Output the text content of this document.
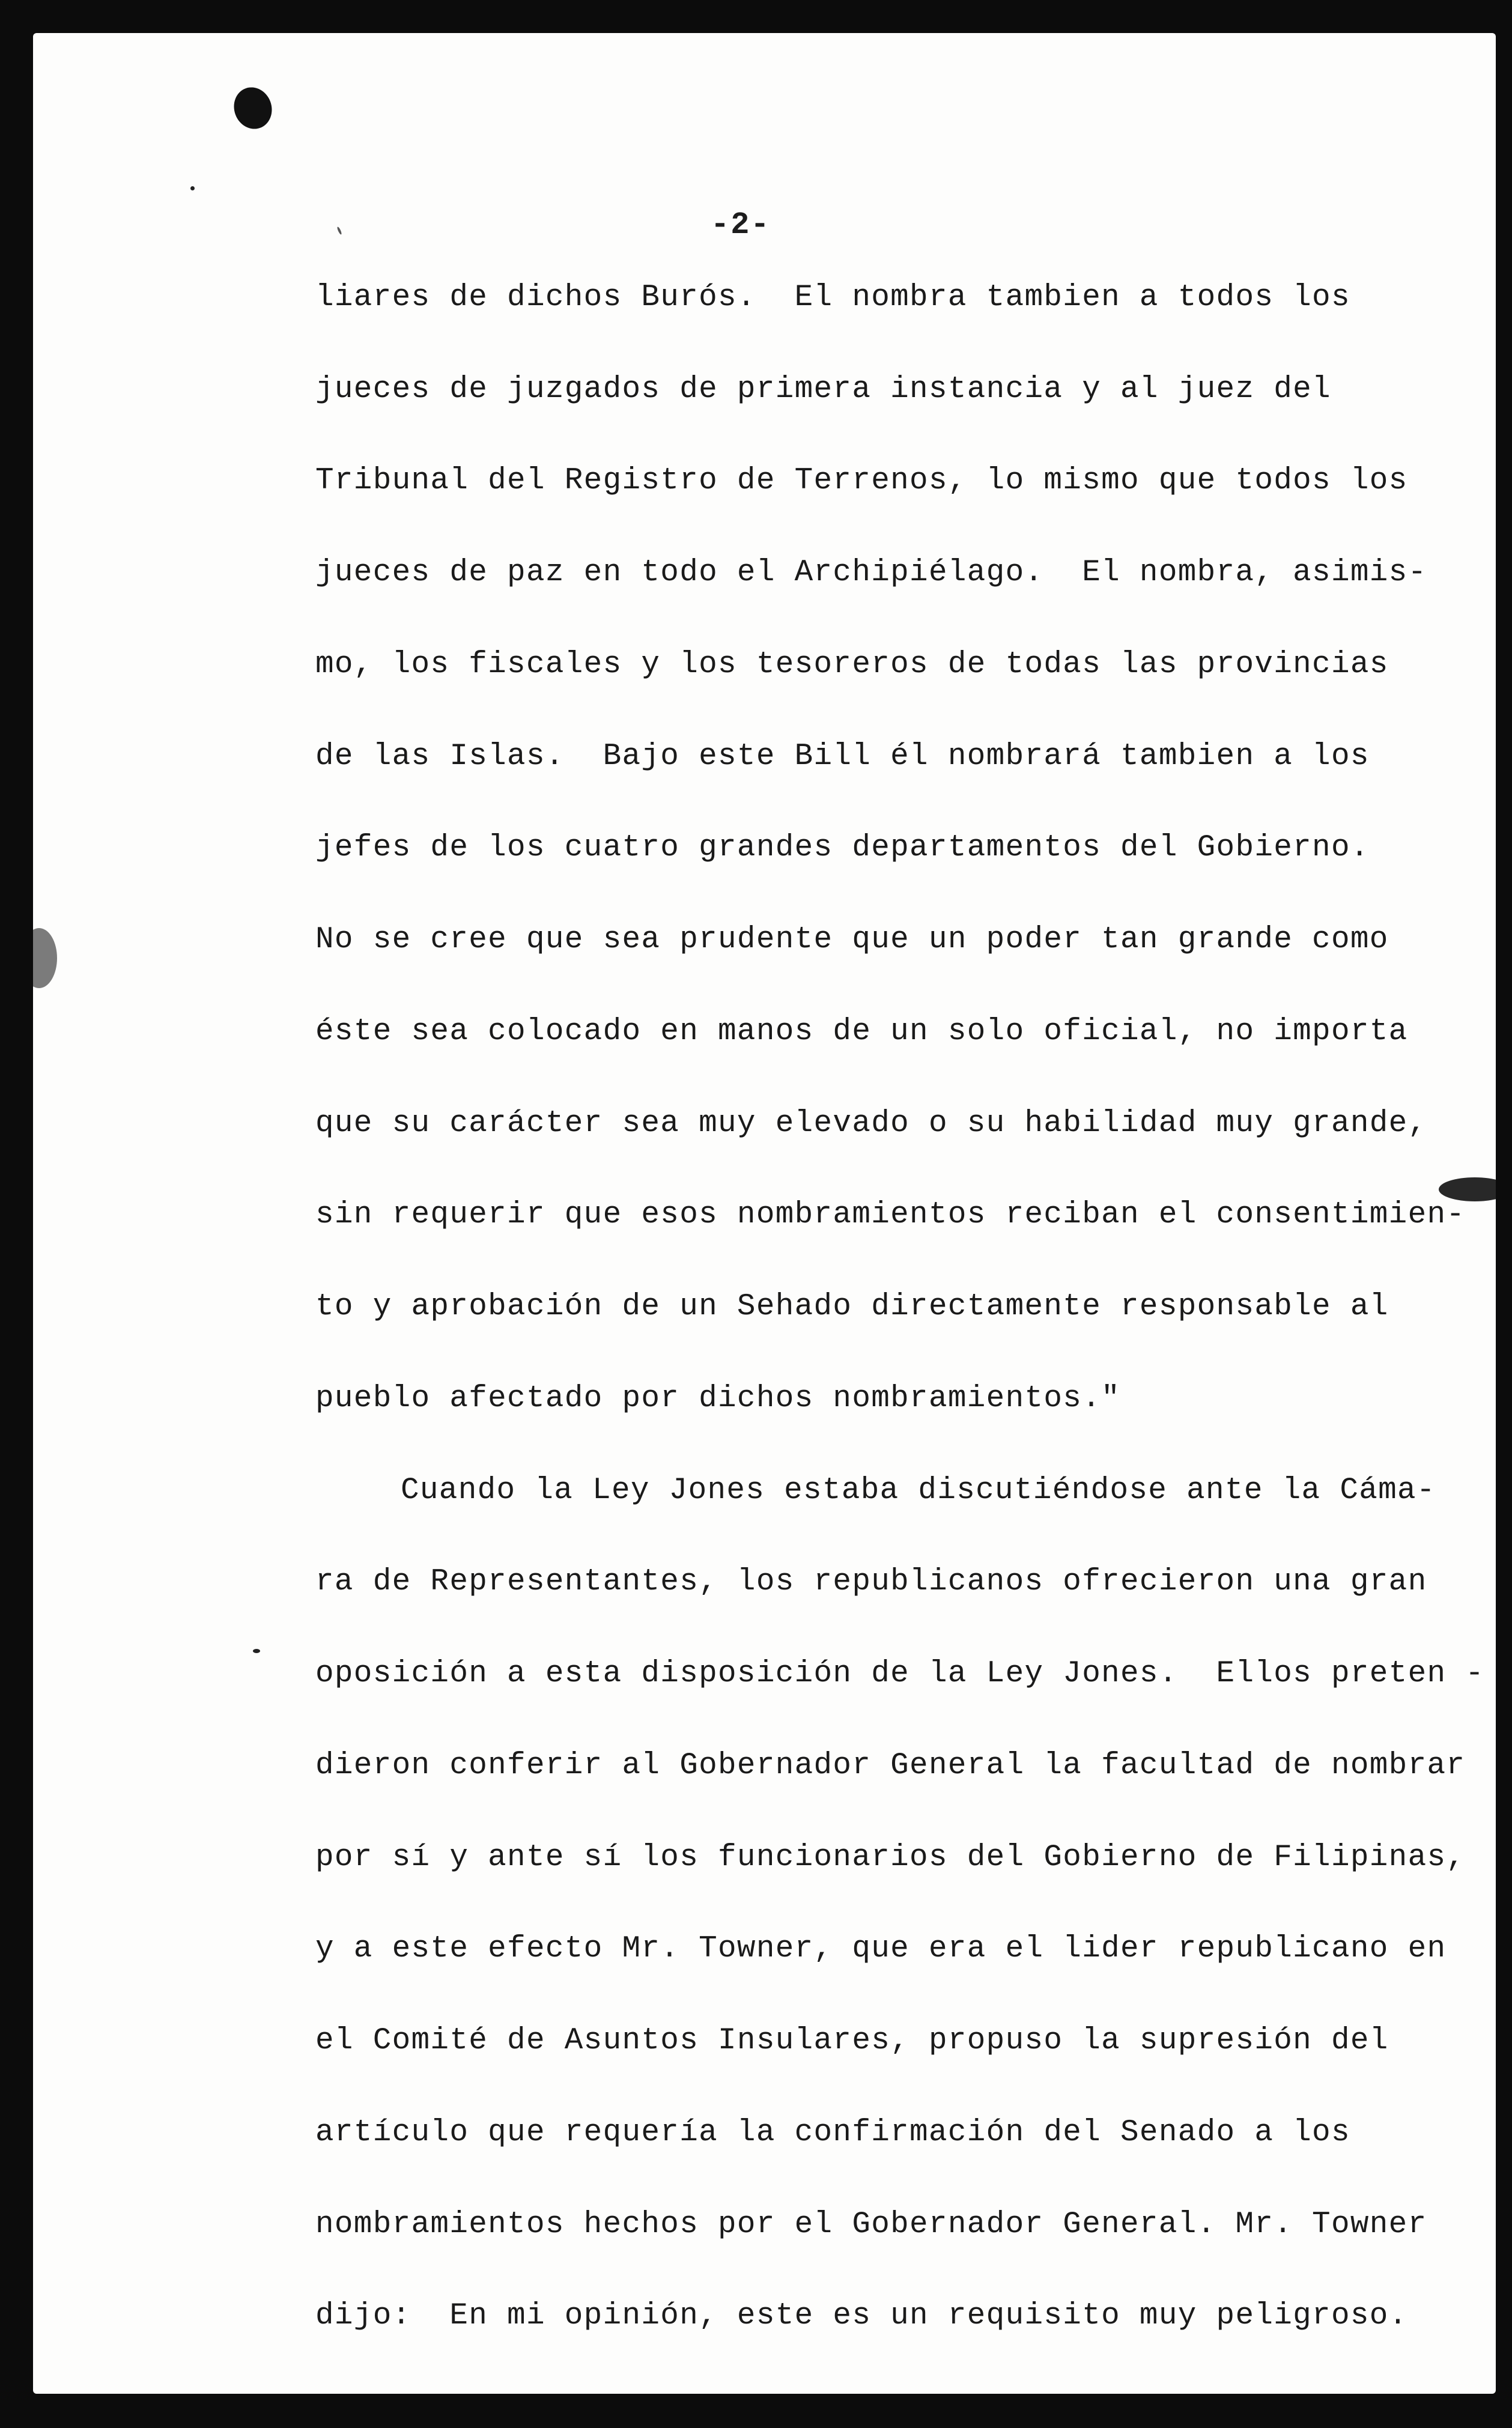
-2-
liares de dichos Burós.  El nombra tambien a todos los
jueces de juzgados de primera instancia y al juez del
Tribunal del Registro de Terrenos, lo mismo que todos los
jueces de paz en todo el Archipiélago.  El nombra, asimis-
mo, los fiscales y los tesoreros de todas las provincias
de las Islas.  Bajo este Bill él nombrará tambien a los
jefes de los cuatro grandes departamentos del Gobierno.
No se cree que sea prudente que un poder tan grande como
éste sea colocado en manos de un solo oficial, no importa
que su carácter sea muy elevado o su habilidad muy grande,
sin requerir que esos nombramientos reciban el consentimien-
to y aprobación de un Sehado directamente responsable al
pueblo afectado por dichos nombramientos."
Cuando la Ley Jones estaba discutiéndose ante la Cáma-
ra de Representantes, los republicanos ofrecieron una gran
oposición a esta disposición de la Ley Jones.  Ellos preten -
dieron conferir al Gobernador General la facultad de nombrar
por sí y ante sí los funcionarios del Gobierno de Filipinas,
y a este efecto Mr. Towner, que era el lider republicano en
el Comité de Asuntos Insulares, propuso la supresión del
artículo que requería la confirmación del Senado a los
nombramientos hechos por el Gobernador General. Mr. Towner
dijo:  En mi opinión, este es un requisito muy peligroso.
